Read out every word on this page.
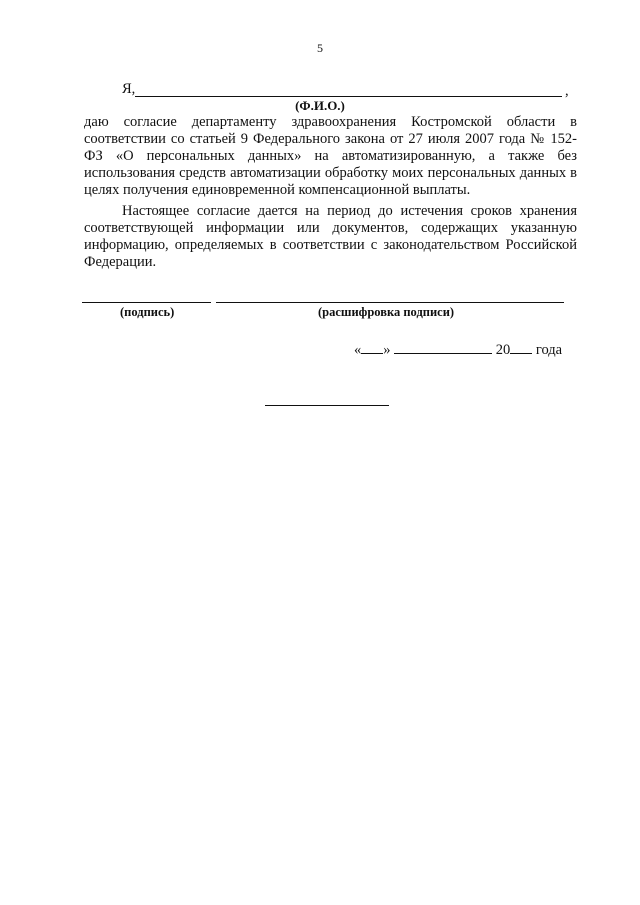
5
Я,	,
(Ф.И.О.)

даю согласие департаменту здравоохранения Костромской области в соответствии со статьей 9 Федерального закона от 27 июля 2007 года № 152-ФЗ «О персональных данных» на автоматизированную, а также без использования средств автоматизации обработку моих персональных данных в целях получения единовременной компенсационной выплаты.

Настоящее согласие дается на период до истечения сроков хранения соответствующей информации или документов, содержащих указанную информацию, определяемых в соответствии с законодательством Российской Федерации.

(подпись)	(расшифровка подписи)
« »	20 года
